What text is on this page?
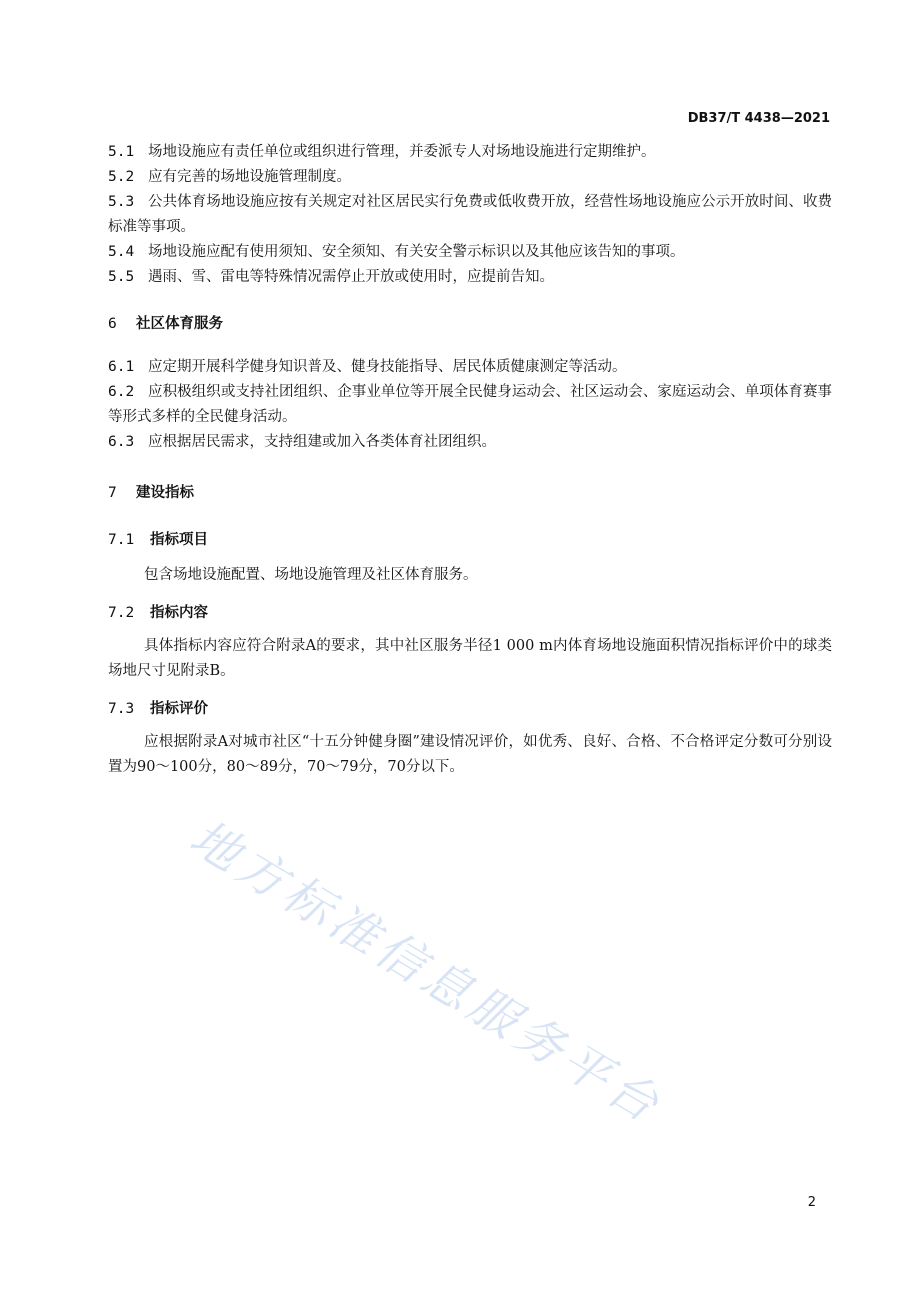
DB37/T 4438—2021
5.1 场地设施应有责任单位或组织进行管理，并委派专人对场地设施进行定期维护。
5.2 应有完善的场地设施管理制度。
5.3 公共体育场地设施应按有关规定对社区居民实行免费或低收费开放，经营性场地设施应公示开放时间、收费标准等事项。
5.4 场地设施应配有使用须知、安全须知、有关安全警示标识以及其他应该告知的事项。
5.5 遇雨、雪、雷电等特殊情况需停止开放或使用时，应提前告知。
6 社区体育服务
6.1 应定期开展科学健身知识普及、健身技能指导、居民体质健康测定等活动。
6.2 应积极组织或支持社团组织、企事业单位等开展全民健身运动会、社区运动会、家庭运动会、单项体育赛事等形式多样的全民健身活动。
6.3 应根据居民需求，支持组建或加入各类体育社团组织。
7 建设指标
7.1 指标项目
包含场地设施配置、场地设施管理及社区体育服务。
7.2 指标内容
具体指标内容应符合附录A的要求，其中社区服务半径1 000 m内体育场地设施面积情况指标评价中的球类场地尺寸见附录B。
7.3 指标评价
应根据附录A对城市社区“十五分钟健身圈”建设情况评价，如优秀、良好、合格、不合格评定分数可分别设置为90～100分，80～89分，70～79分，70分以下。
地方标准信息服务平台
2
